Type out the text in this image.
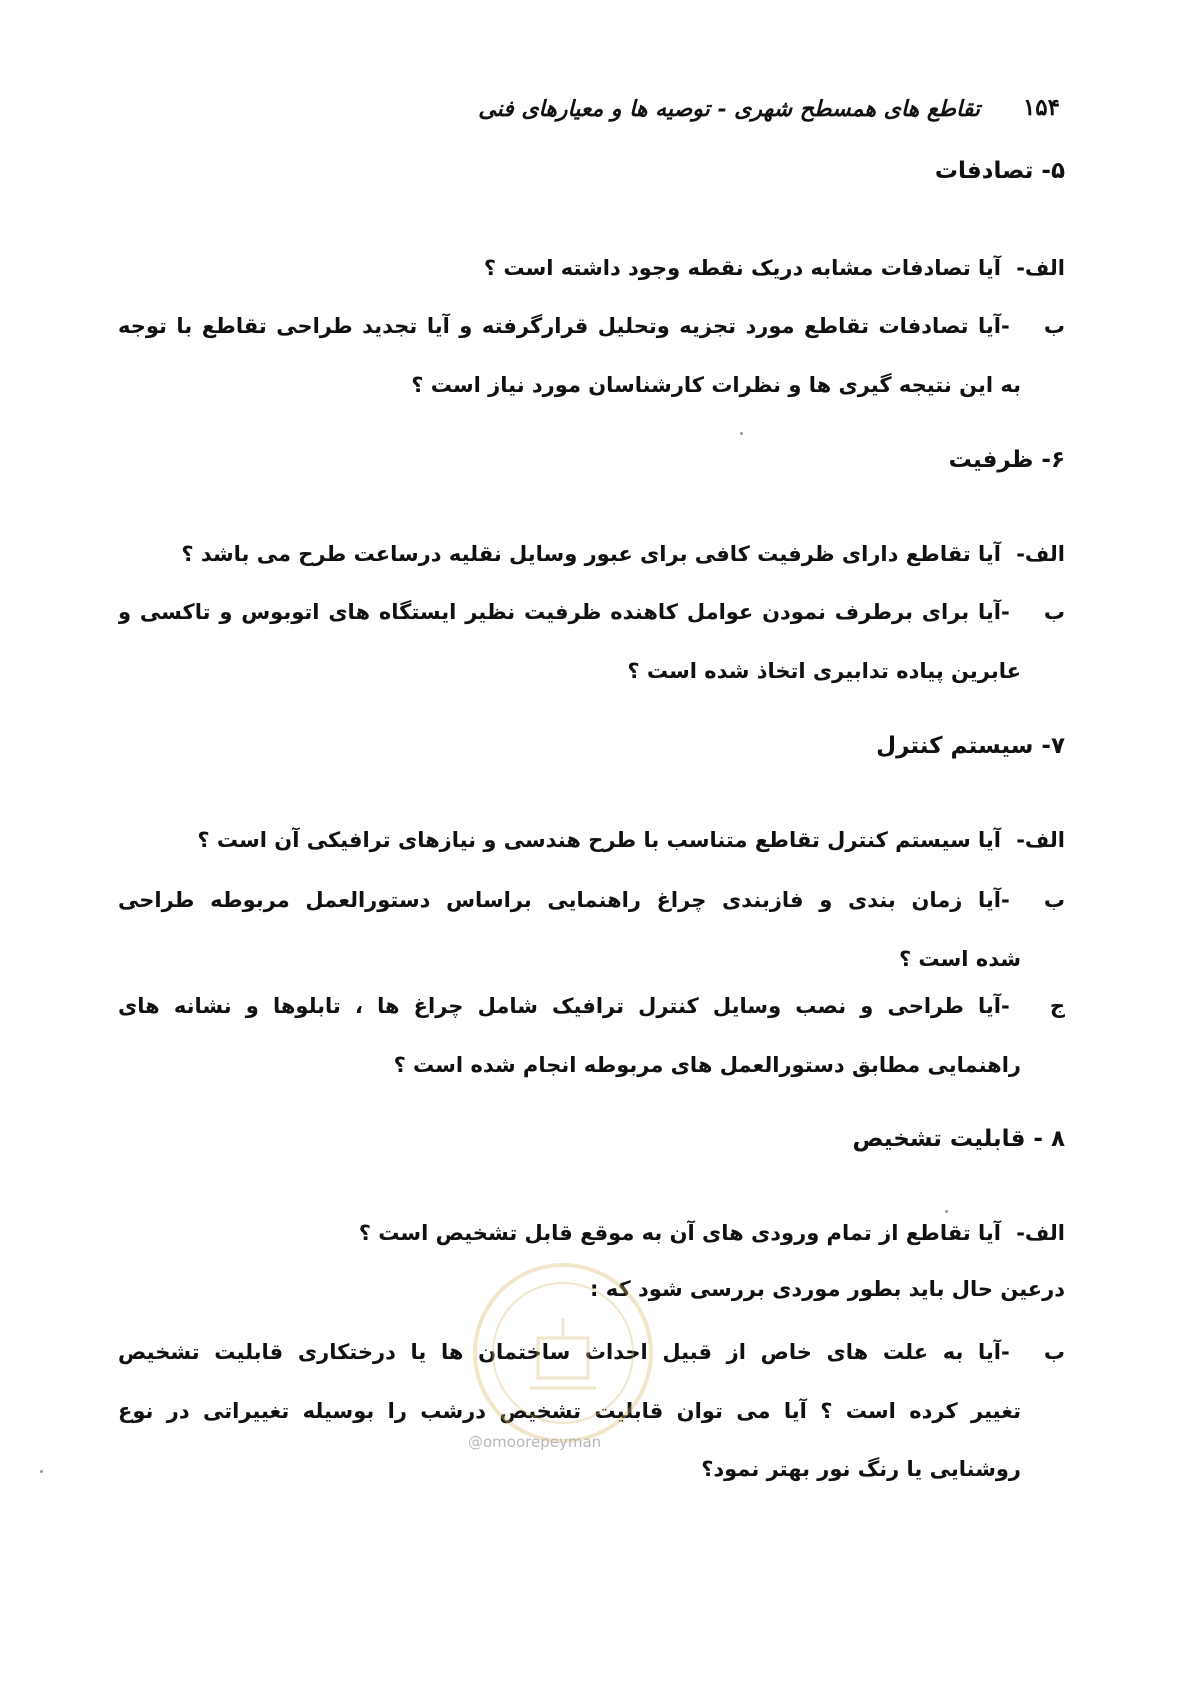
۱۵۴
تقاطع های همسطح شهری - توصیه ها و معیارهای فنی
۵- تصادفات
الف-آیا تصادفات مشابه دریک نقطه وجود داشته است ؟
ب -آیا تصادفات تقاطع مورد تجزیه وتحلیل قرارگرفته و آیا تجدید طراحی تقاطع با توجه
به این نتیجه گیری ها و نظرات کارشناسان مورد نیاز است ؟
۶- ظرفیت
الف-آیا تقاطع دارای ظرفیت کافی برای عبور وسایل نقلیه درساعت طرح می باشد ؟
ب -آیا برای برطرف نمودن عوامل کاهنده ظرفیت نظیر ایستگاه های اتوبوس و تاکسی و
عابرین پیاده تدابیری اتخاذ شده است ؟
۷- سیستم کنترل
الف-آیا سیستم کنترل تقاطع متناسب با طرح هندسی و نیازهای ترافیکی آن است ؟
ب -آیا زمان بندی و فازبندی چراغ راهنمایی براساس دستورالعمل مربوطه طراحی
شده است ؟
ج -آیا طراحی و نصب وسایل کنترل ترافیک شامل چراغ ها ، تابلوها و نشانه های
راهنمایی مطابق دستورالعمل های مربوطه انجام شده است ؟
۸ - قابلیت تشخیص
الف-آیا تقاطع از تمام ورودی های آن به موقع قابل تشخیص است ؟
درعین حال باید بطور موردی بررسی شود که :
ب -آیا به علت های خاص از قبیل احداث ساختمان ها یا درختکاری قابلیت تشخیص
تغییر کرده است ؟ آیا می توان قابلیت تشخیص درشب را بوسیله تغییراتی در نوع
روشنایی یا رنگ نور بهتر نمود؟
@omoorepeyman
